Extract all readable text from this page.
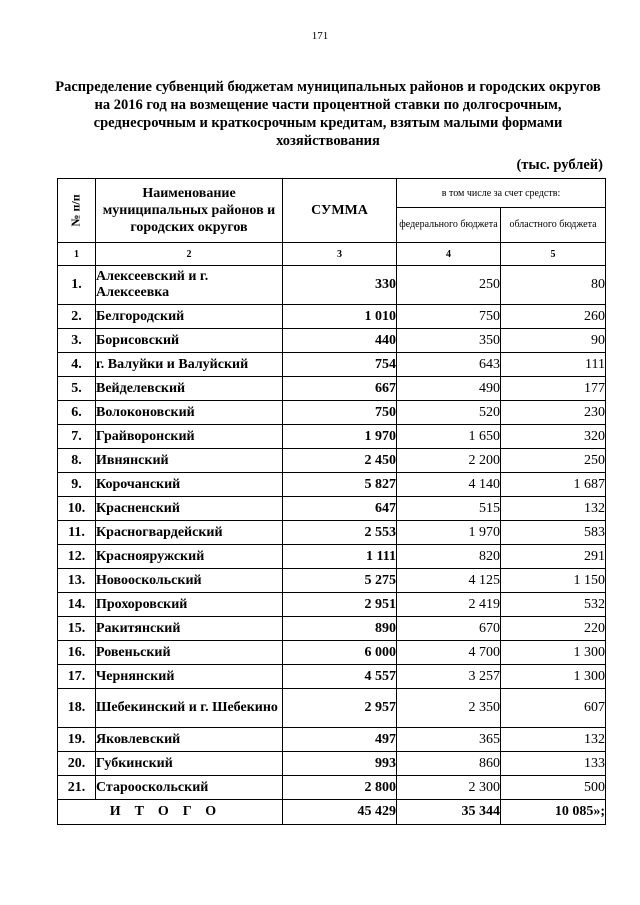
171
Распределение субвенций бюджетам муниципальных районов и городских округов на 2016 год на возмещение части процентной ставки по долгосрочным, среднесрочным и краткосрочным кредитам, взятым малыми формами хозяйствования
(тыс. рублей)
№ п/п	Наименование муниципальных районов и городских округов	СУММА	в том числе за счет средств:	
			федерального бюджета	областного бюджета
1	2	3	4	5
1.	Алексеевский и г. Алексеевка	330	250	80
2.	Белгородский	1 010	750	260
3.	Борисовский	440	350	90
4.	г. Валуйки и Валуйский	754	643	111
5.	Вейделевский	667	490	177
6.	Волоконовский	750	520	230
7.	Грайворонский	1 970	1 650	320
8.	Ивнянский	2 450	2 200	250
9.	Корочанский	5 827	4 140	1 687
10.	Красненский	647	515	132
11.	Красногвардейский	2 553	1 970	583
12.	Краснояружский	1 111	820	291
13.	Новооскольский	5 275	4 125	1 150
14.	Прохоровский	2 951	2 419	532
15.	Ракитянский	890	670	220
16.	Ровеньский	6 000	4 700	1 300
17.	Чернянский	4 557	3 257	1 300
18.	Шебекинский и г. Шебекино	2 957	2 350	607
19.	Яковлевский	497	365	132
20.	Губкинский	993	860	133
21.	Старооскольский	2 800	2 300	500
ИТОГО		45 429	35 344	10 085»;
